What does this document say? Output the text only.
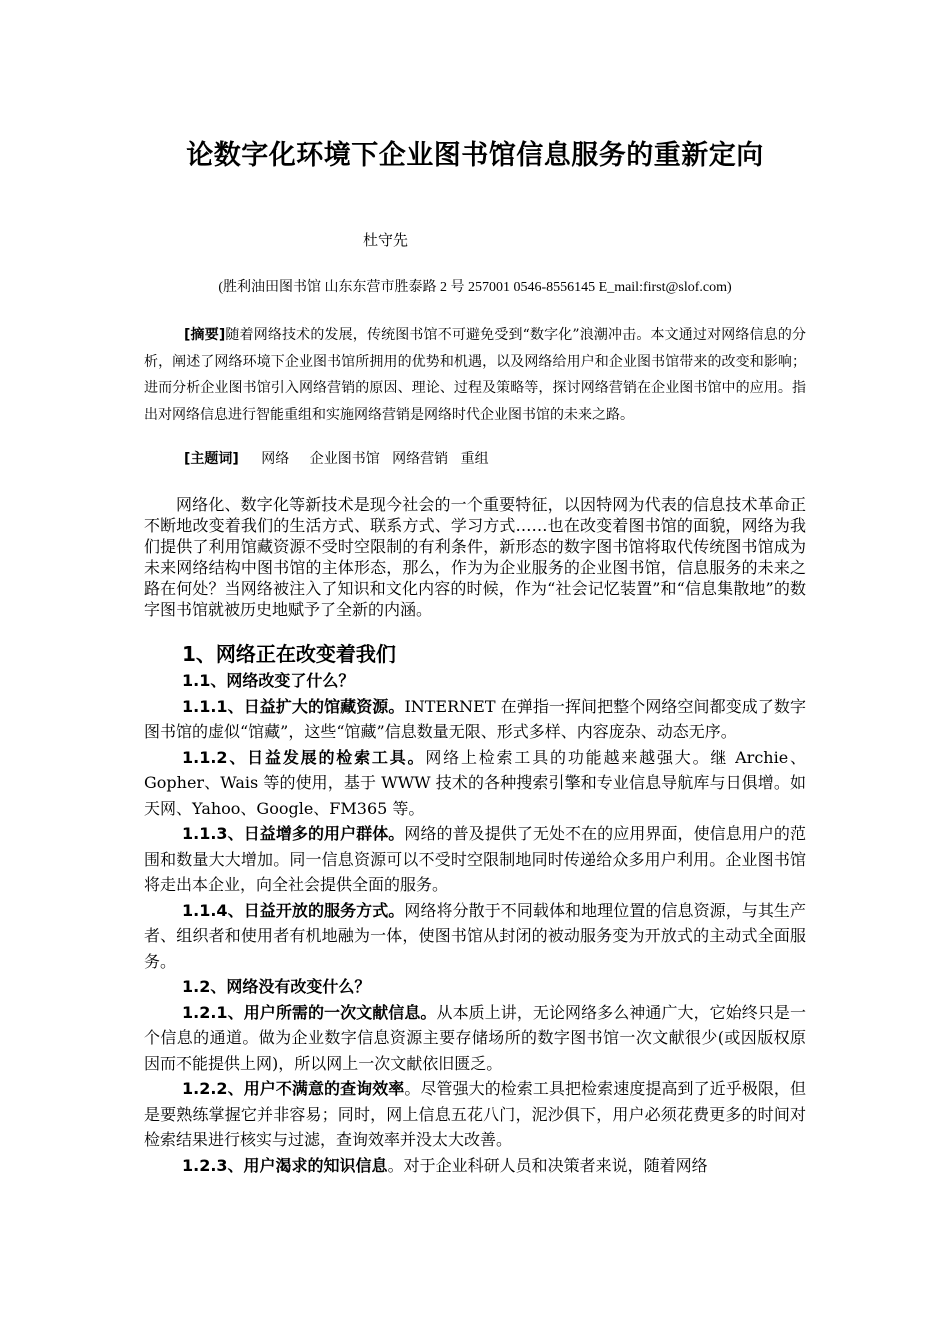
论数字化环境下企业图书馆信息服务的重新定向
杜守先
(胜利油田图书馆 山东东营市胜泰路 2 号 257001 0546-8556145 E_mail:first@slof.com)
[摘要]随着网络技术的发展，传统图书馆不可避免受到“数字化”浪潮冲击。本文通过对网络信息的分析，阐述了网络环境下企业图书馆所拥用的优势和机遇，以及网络给用户和企业图书馆带来的改变和影响；进而分析企业图书馆引入网络营销的原因、理论、过程及策略等，探讨网络营销在企业图书馆中的应用。指出对网络信息进行智能重组和实施网络营销是网络时代企业图书馆的未来之路。
[主题词] 网络 企业图书馆 网络营销 重组
网络化、数字化等新技术是现今社会的一个重要特征，以因特网为代表的信息技术革命正不断地改变着我们的生活方式、联系方式、学习方式……也在改变着图书馆的面貌，网络为我们提供了利用馆藏资源不受时空限制的有利条件，新形态的数字图书馆将取代传统图书馆成为未来网络结构中图书馆的主体形态，那么，作为为企业服务的企业图书馆，信息服务的未来之路在何处？当网络被注入了知识和文化内容的时候，作为“社会记忆装置”和“信息集散地”的数字图书馆就被历史地赋予了全新的内涵。
1、网络正在改变着我们
1.1、网络改变了什么？

1.1.1、日益扩大的馆藏资源。INTERNET 在弹指一挥间把整个网络空间都变成了数字图书馆的虚似“馆藏”，这些“馆藏”信息数量无限、形式多样、内容庞杂、动态无序。

1.1.2、日益发展的检索工具。网络上检索工具的功能越来越强大。继 Archie、Gopher、Wais 等的使用，基于 WWW 技术的各种搜索引擎和专业信息导航库与日俱增。如天网、Yahoo、Google、FM365 等。

1.1.3、日益增多的用户群体。网络的普及提供了无处不在的应用界面，使信息用户的范围和数量大大增加。同一信息资源可以不受时空限制地同时传递给众多用户利用。企业图书馆将走出本企业，向全社会提供全面的服务。

1.1.4、日益开放的服务方式。网络将分散于不同载体和地理位置的信息资源，与其生产者、组织者和使用者有机地融为一体，使图书馆从封闭的被动服务变为开放式的主动式全面服务。

1.2、网络没有改变什么？

1.2.1、用户所需的一次文献信息。从本质上讲，无论网络多么神通广大，它始终只是一个信息的通道。做为企业数字信息资源主要存储场所的数字图书馆一次文献很少(或因版权原因而不能提供上网)，所以网上一次文献依旧匮乏。

1.2.2、用户不满意的查询效率。尽管强大的检索工具把检索速度提高到了近乎极限，但是要熟练掌握它并非容易；同时，网上信息五花八门，泥沙俱下，用户必须花费更多的时间对检索结果进行核实与过滤，查询效率并没太大改善。

1.2.3、用户渴求的知识信息。对于企业科研人员和决策者来说，随着网络
